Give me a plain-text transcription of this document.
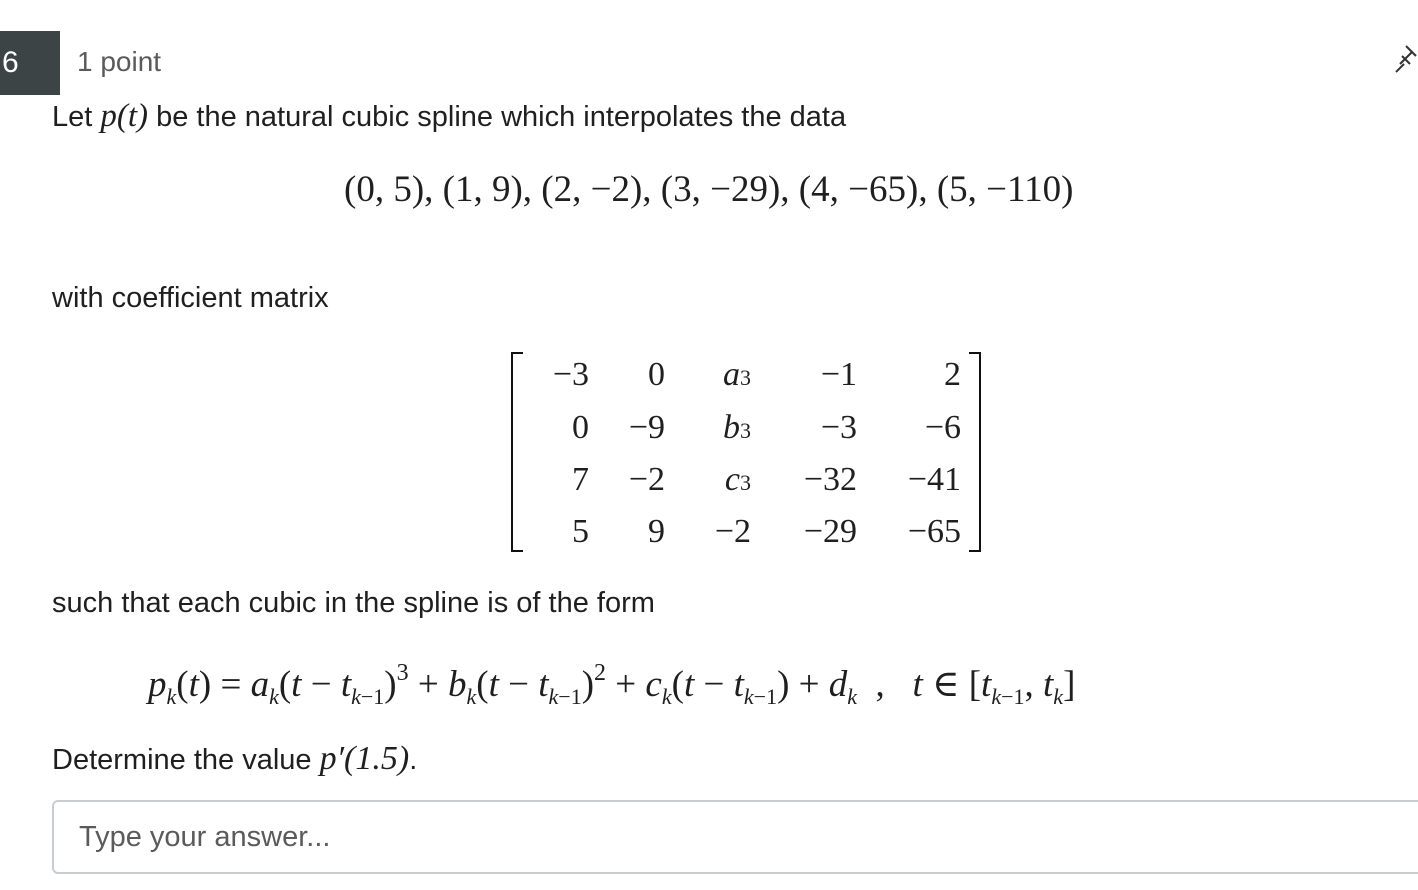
6	1 point
Let p(t) be the natural cubic spline which interpolates the data
(0, 5), (1, 9), (2, −2), (3, −29), (4, −65), (5, −110)
with coefficient matrix
−3	0	a3	−1	2
0	−9	b3	−3	−6
7	−2	c3	−32	−41
5	9	−2	−29	−65
such that each cubic in the spline is of the form
$p_k(t) = a_k(t - t_{k-1})^3 + b_k(t - t_{k-1})^2 + c_k(t - t_{k-1}) + d_k$  ,   t ∈ [$t_{k-1}$, $t_k$]
Determine the value p′(1.5).
Type your answer...
